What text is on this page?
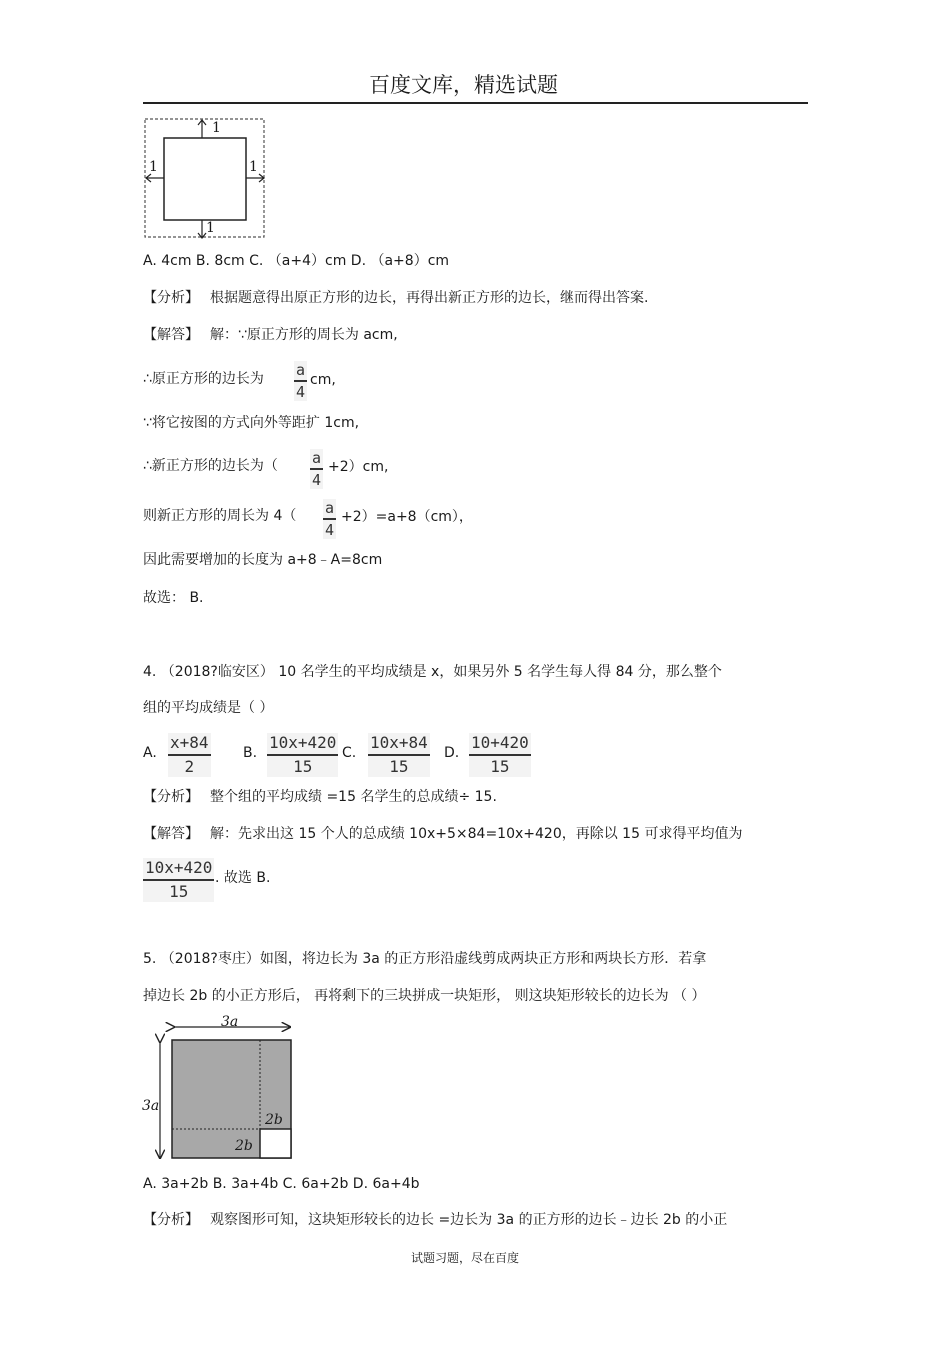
百度文库，精选试题
1
1
1	1
A. 4cm B. 8cm C. （a+4）cm D. （a+8）cm
【分析】 根据题意得出原正方形的边长，再得出新正方形的边长，继而得出答案.
【解答】 解：∵原正方形的周长为 acm,
∴原正方形的边长为 a
4
cm,
∵将它按图的方式向外等距扩 1cm,
∴新正方形的边长为（ a
4
+2）cm,
则新正方形的周长为 4（ a
4
+2）=a+8（cm），
因此需要增加的长度为 a+8﹣A=8cm
故选： B.
4. （2018?临安区） 10 名学生的平均成绩是 x，如果另外 5 名学生每人得 84 分，那么整个
组的平均成绩是（ ）
A.
x+84
2
B.
10x+420
15
C.
10x+84
15
D.
10+420
15
【分析】 整个组的平均成绩 =15 名学生的总成绩÷ 15.
【解答】 解：先求出这 15 个人的总成绩 10x+5×84=10x+420，再除以 15 可求得平均值为
10x+420
15
. 故选 B.
5. （2018?枣庄）如图，将边长为 3a 的正方形沿虚线剪成两块正方形和两块长方形．若拿
掉边长 2b 的小正方形后， 再将剩下的三块拼成一块矩形， 则这块矩形较长的边长为 （ ）
3a
3a
2b
2b
A. 3a+2b B. 3a+4b C. 6a+2b D. 6a+4b
【分析】 观察图形可知，这块矩形较长的边长 =边长为 3a 的正方形的边长﹣边长 2b 的小正
试题习题，尽在百度
